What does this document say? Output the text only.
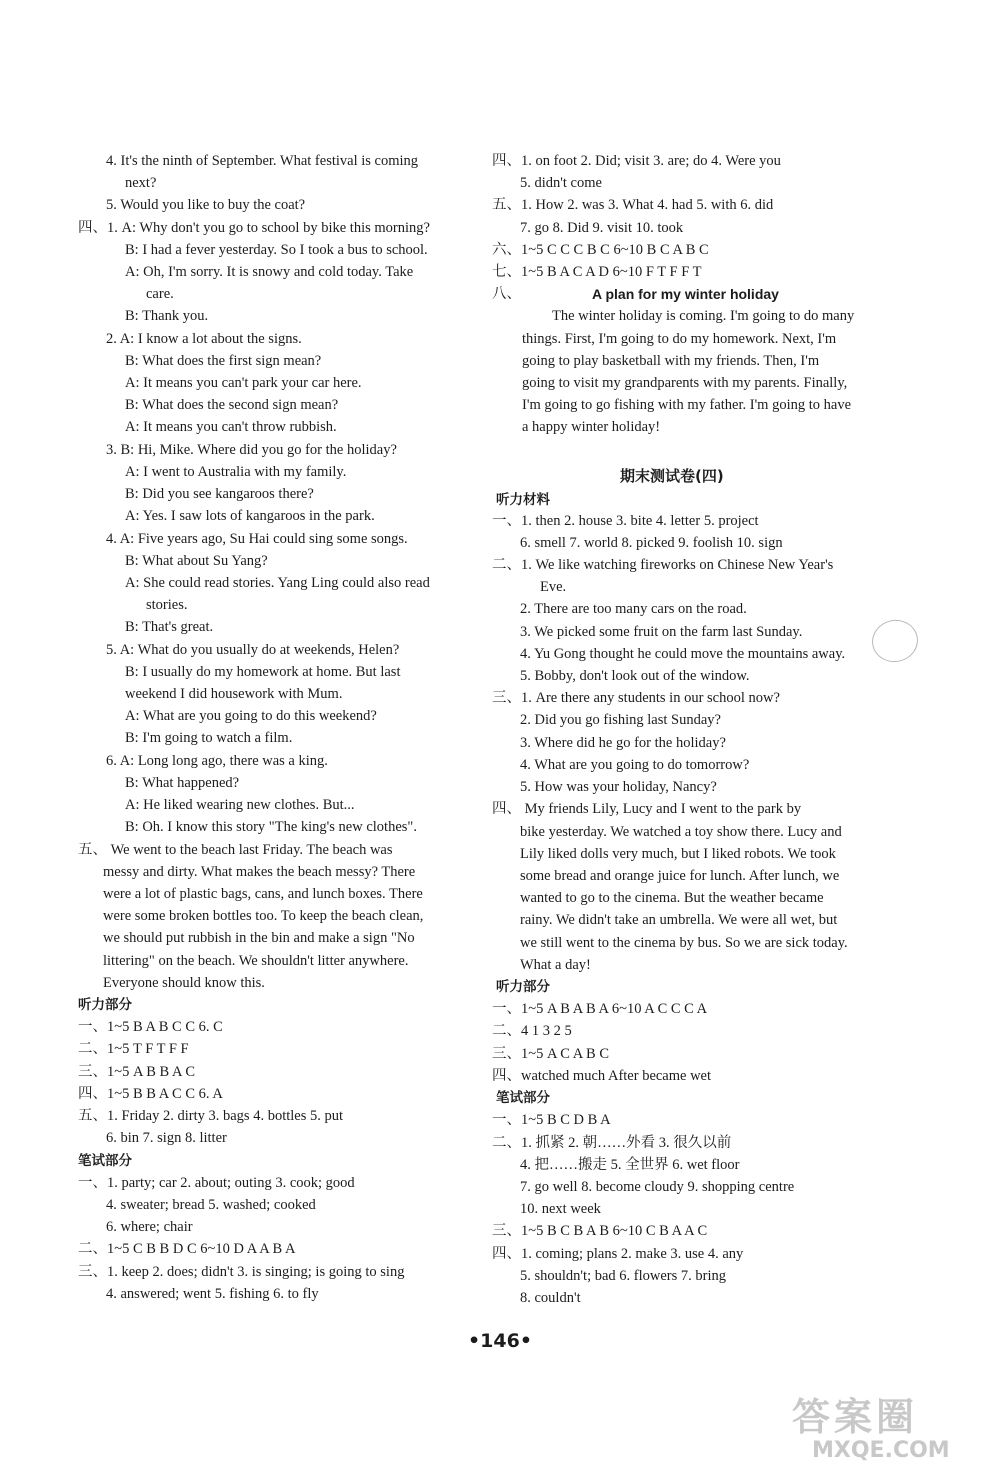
4. It's the ninth of September. What festival is coming
next?
5. Would you like to buy the coat?
四、1. A: Why don't you go to school by bike this morning?
B: I had a fever yesterday. So I took a bus to school.
A: Oh, I'm sorry. It is snowy and cold today. Take
care.
B: Thank you.
2. A: I know a lot about the signs.
B: What does the first sign mean?
A: It means you can't park your car here.
B: What does the second sign mean?
A: It means you can't throw rubbish.
3. B: Hi, Mike. Where did you go for the holiday?
A: I went to Australia with my family.
B: Did you see kangaroos there?
A: Yes. I saw lots of kangaroos in the park.
4. A: Five years ago, Su Hai could sing some songs.
B: What about Su Yang?
A: She could read stories. Yang Ling could also read
stories.
B: That's great.
5. A: What do you usually do at weekends, Helen?
B: I usually do my homework at home. But last
weekend I did housework with Mum.
A: What are you going to do this weekend?
B: I'm going to watch a film.
6. A: Long long ago, there was a king.
B: What happened?
A: He liked wearing new clothes. But...
B: Oh. I know this story "The king's new clothes".
五、 We went to the beach last Friday. The beach was
messy and dirty. What makes the beach messy? There
were a lot of plastic bags, cans, and lunch boxes. There
were some broken bottles too. To keep the beach clean,
we should put rubbish in the bin and make a sign "No
littering" on the beach. We shouldn't litter anywhere.
Everyone should know this.
听力部分
一、1~5 B A B C C 6. C
二、1~5 T F T F F
三、1~5 A B B A C
四、1~5 B B A C C 6. A
五、1. Friday 2. dirty 3. bags 4. bottles 5. put
6. bin 7. sign 8. litter
笔试部分
一、1. party; car 2. about; outing 3. cook; good
4. sweater; bread 5. washed; cooked
6. where; chair
二、1~5 C B B D C 6~10 D A A B A
三、1. keep 2. does; didn't 3. is singing; is going to sing
4. answered; went 5. fishing 6. to fly
四、1. on foot 2. Did; visit 3. are; do 4. Were you
5. didn't come
五、1. How 2. was 3. What 4. had 5. with 6. did
7. go 8. Did 9. visit 10. took
六、1~5 C C C B C 6~10 B C A B C
七、1~5 B A C A D 6~10 F T F F T
八、	A plan for my winter holiday
The winter holiday is coming. I'm going to do many
things. First, I'm going to do my homework. Next, I'm
going to play basketball with my friends. Then, I'm
going to visit my grandparents with my parents. Finally,
I'm going to go fishing with my father. I'm going to have
a happy winter holiday!
期末测试卷(四)
听力材料
一、1. then 2. house 3. bite 4. letter 5. project
6. smell 7. world 8. picked 9. foolish 10. sign
二、1. We like watching fireworks on Chinese New Year's
Eve.
2. There are too many cars on the road.
3. We picked some fruit on the farm last Sunday.
4. Yu Gong thought he could move the mountains away.
5. Bobby, don't look out of the window.
三、1. Are there any students in our school now?
2. Did you go fishing last Sunday?
3. Where did he go for the holiday?
4. What are you going to do tomorrow?
5. How was your holiday, Nancy?
四、 My friends Lily, Lucy and I went to the park by
bike yesterday. We watched a toy show there. Lucy and
Lily liked dolls very much, but I liked robots. We took
some bread and orange juice for lunch. After lunch, we
wanted to go to the cinema. But the weather became
rainy. We didn't take an umbrella. We were all wet, but
we still went to the cinema by bus. So we are sick today.
What a day!
听力部分
一、1~5 A B A B A 6~10 A C C C A
二、4 1 3 2 5
三、1~5 A C A B C
四、watched much After became wet
笔试部分
一、1~5 B C D B A
二、1. 抓紧 2. 朝……外看 3. 很久以前
4. 把……搬走 5. 全世界 6. wet floor
7. go well 8. become cloudy 9. shopping centre
10. next week
三、1~5 B C B A B 6~10 C B A A C
四、1. coming; plans 2. make 3. use 4. any
5. shouldn't; bad 6. flowers 7. bring
8. couldn't
•146•
答案圈
MXQE.COM
